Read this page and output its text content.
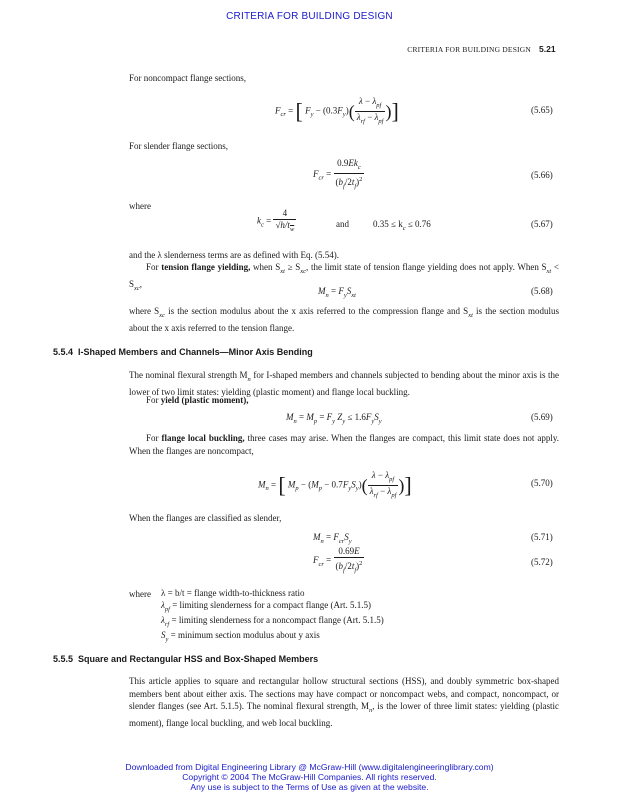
CRITERIA FOR BUILDING DESIGN
CRITERIA FOR BUILDING DESIGN 5.21
For noncompact flange sections,
$F_{cr}$ = [ $F_y - (0.3F_y)( \frac{\lambda - \lambda_{pf}}{\lambda_{rf} - \lambda_{pf}}$ )]	(5.65)
For slender flange sections,
$F_{cr} = \frac{0.9Ek_c}{(b_f/2t_f)^2}$	(5.66)
where
$k_c = \frac{4}{√h/t_w}$	and	$0.35 \le k_c \le 0.76$	(5.67)
and the λ slenderness terms are as defined with Eq. (5.54).
For tension flange yielding, when $S_{xt} \ge S_{xc}$, the limit state of tension flange yielding does not apply. When $S_{xt} < S_{xc}$,
$M_n = F_yS_{xt}$	(5.68)
where $S_{xc}$ is the section modulus about the x axis referred to the compression flange and $S_{xt}$ is the section modulus about the x axis referred to the tension flange.
5.5.4 I-Shaped Members and Channels—Minor Axis Bending
The nominal flexural strength $M_n$ for I-shaped members and channels subjected to bending about the minor axis is the lower of two limit states: yielding (plastic moment) and flange local buckling.
For yield (plastic moment),
$M_n = M_p = F_y$ $Z_y \le 1.6F_yS_y$	(5.69)
For flange local buckling, three cases may arise. When the flanges are compact, this limit state does not apply. When the flanges are noncompact,
$M_n$ = [ $M_p - (M_p - 0.7F_yS_y)( \frac{\lambda - \lambda_{pf}}{\lambda_{rf} - \lambda_{pf}}$ )]	(5.70)
When the flanges are classified as slender,
$M_n = F_{cr}S_y$	(5.71)
$F_{cr} = \frac{0.69E}{(b_f/2t_f)^2}$	(5.72)
where λ = b/t = flange width-to-thickness ratio
$\lambda_{pf}$ = limiting slenderness for a compact flange (Art. 5.1.5)
$\lambda_{rf}$ = limiting slenderness for a noncompact flange (Art. 5.1.5)
$S_y$ = minimum section modulus about y axis
5.5.5 Square and Rectangular HSS and Box-Shaped Members
This article applies to square and rectangular hollow structural sections (HSS), and doubly symmetric box-shaped members bent about either axis. The sections may have compact or noncompact webs, and compact, noncompact, or slender flanges (see Art. 5.1.5). The nominal flexural strength, $M_n$, is the lower of three limit states: yielding (plastic moment), flange local buckling, and web local buckling.
Downloaded from Digital Engineering Library @ McGraw-Hill (www.digitalengineeringlibrary.com)
Copyright © 2004 The McGraw-Hill Companies. All rights reserved.
Any use is subject to the Terms of Use as given at the website.
